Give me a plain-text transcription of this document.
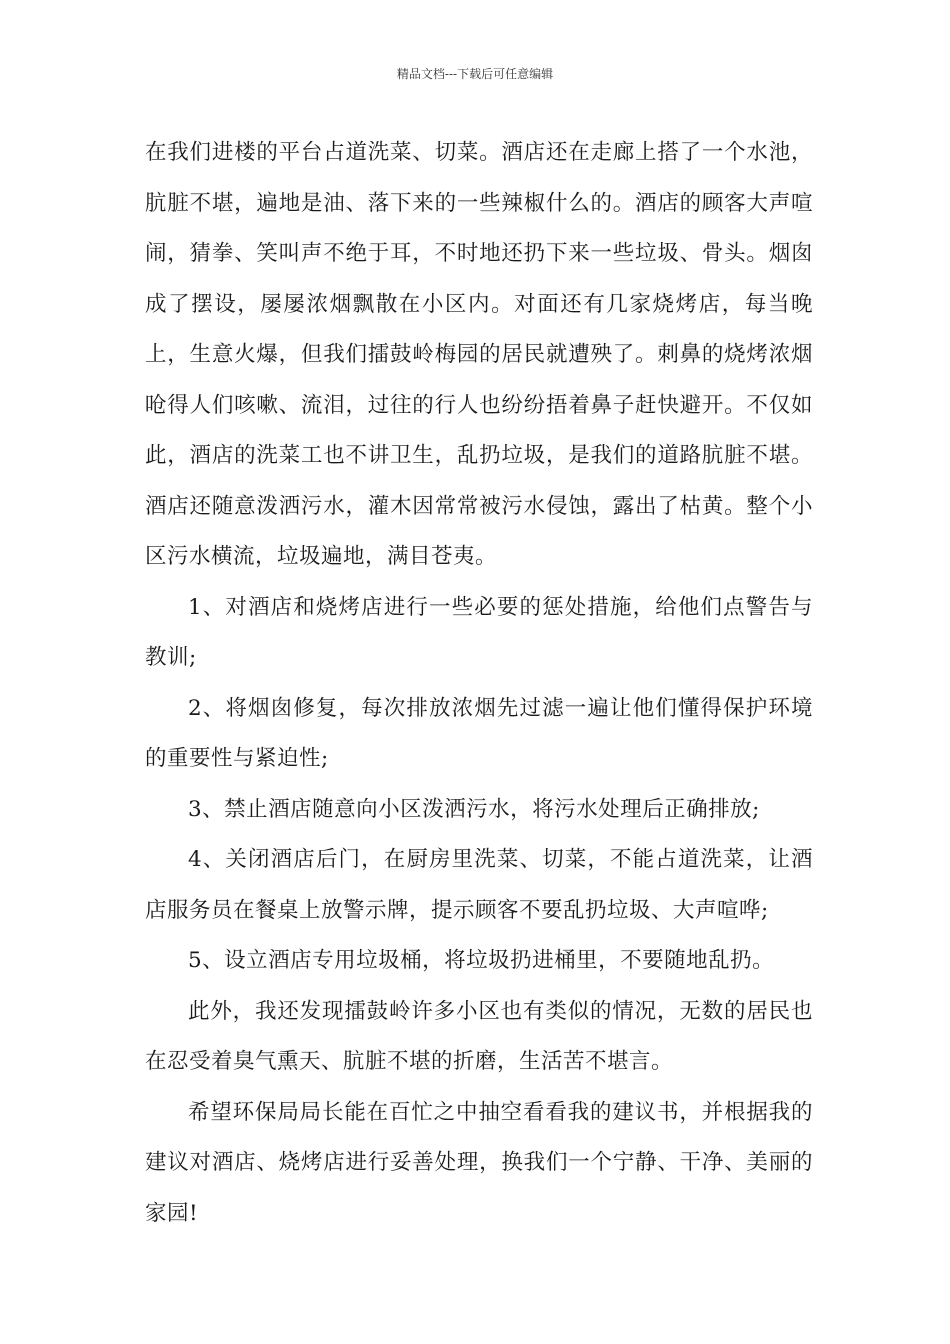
精品文档---下载后可任意编辑

在我们进楼的平台占道洗菜、切菜。酒店还在走廊上搭了一个水池，肮脏不堪，遍地是油、落下来的一些辣椒什么的。酒店的顾客大声喧闹，猜拳、笑叫声不绝于耳，不时地还扔下来一些垃圾、骨头。烟囱成了摆设，屡屡浓烟飘散在小区内。对面还有几家烧烤店，每当晚上，生意火爆，但我们擂鼓岭梅园的居民就遭殃了。刺鼻的烧烤浓烟呛得人们咳嗽、流泪，过往的行人也纷纷捂着鼻子赶快避开。不仅如此，酒店的洗菜工也不讲卫生，乱扔垃圾，是我们的道路肮脏不堪。酒店还随意泼洒污水，灌木因常常被污水侵蚀，露出了枯黄。整个小区污水横流，垃圾遍地，满目苍夷。

1、对酒店和烧烤店进行一些必要的惩处措施，给他们点警告与教训;

2、将烟囱修复，每次排放浓烟先过滤一遍让他们懂得保护环境的重要性与紧迫性;

3、禁止酒店随意向小区泼洒污水，将污水处理后正确排放;

4、关闭酒店后门，在厨房里洗菜、切菜，不能占道洗菜，让酒店服务员在餐桌上放警示牌，提示顾客不要乱扔垃圾、大声喧哗;

5、设立酒店专用垃圾桶，将垃圾扔进桶里，不要随地乱扔。

此外，我还发现擂鼓岭许多小区也有类似的情况，无数的居民也在忍受着臭气熏天、肮脏不堪的折磨，生活苦不堪言。

希望环保局局长能在百忙之中抽空看看我的建议书，并根据我的建议对酒店、烧烤店进行妥善处理，换我们一个宁静、干净、美丽的家园!
